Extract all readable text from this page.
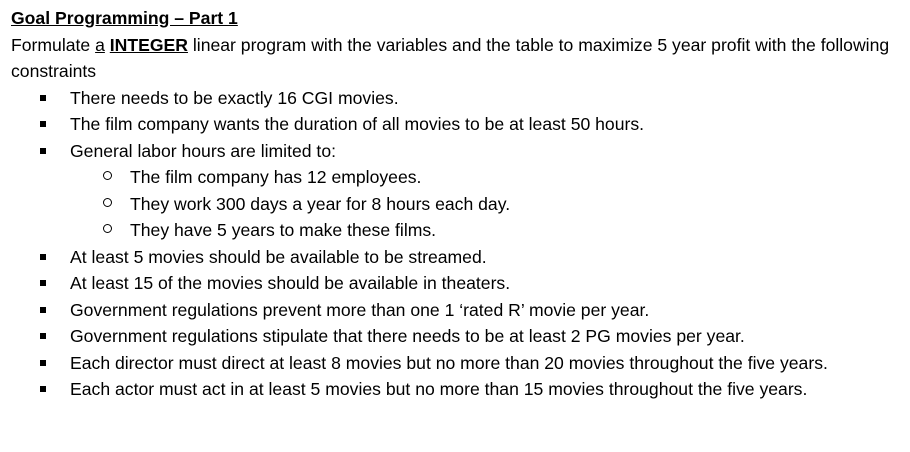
Goal Programming – Part 1

Formulate a INTEGER linear program with the variables and the table to maximize 5 year profit with the following constraints

There needs to be exactly 16 CGI movies.
The film company wants the duration of all movies to be at least 50 hours.
General labor hours are limited to:
The film company has 12 employees.
They work 300 days a year for 8 hours each day.
They have 5 years to make these films.
At least 5 movies should be available to be streamed.
At least 15 of the movies should be available in theaters.
Government regulations prevent more than one 1 ‘rated R’ movie per year.
Government regulations stipulate that there needs to be at least 2 PG movies per year.
Each director must direct at least 8 movies but no more than 20 movies throughout the five years.
Each actor must act in at least 5 movies but no more than 15 movies throughout the five years.
